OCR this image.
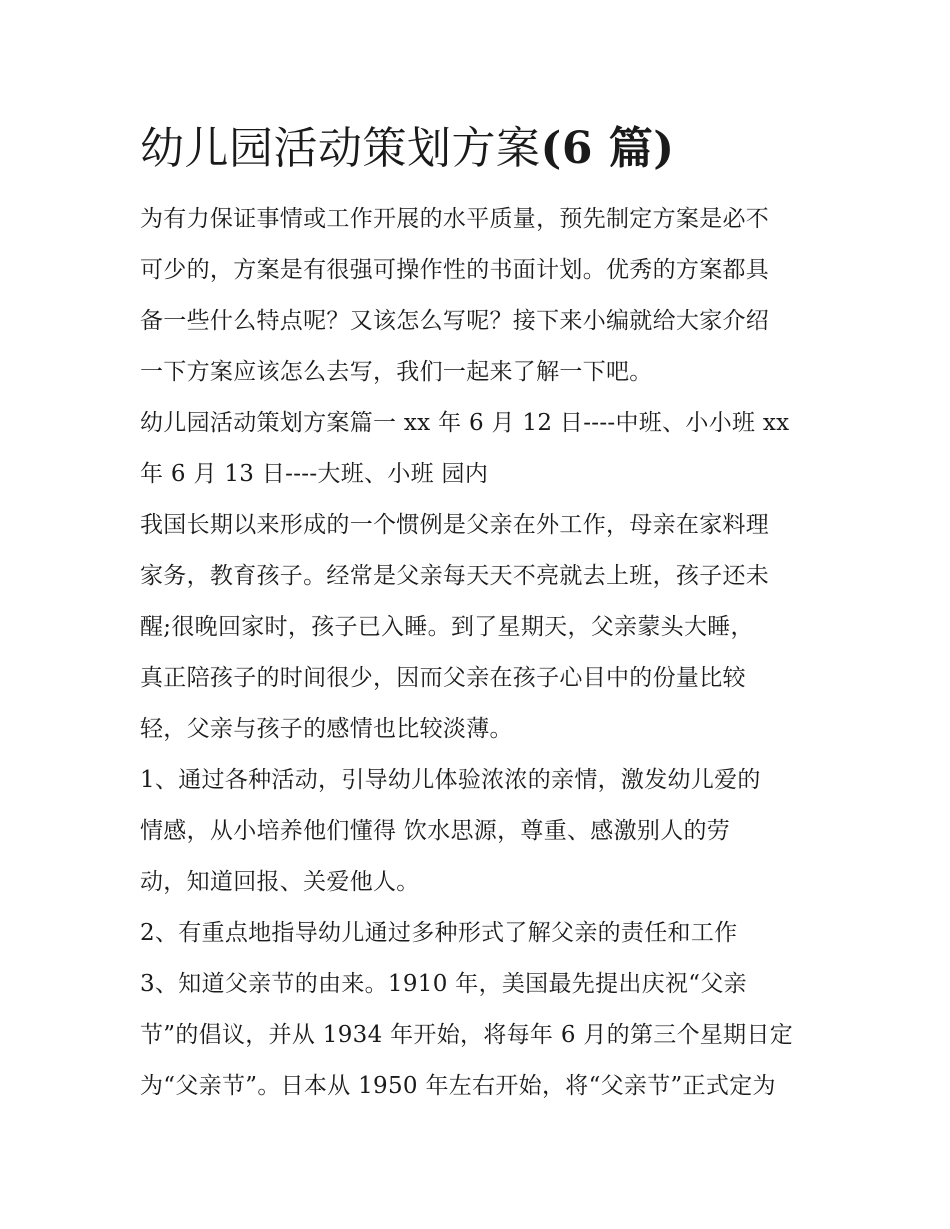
幼儿园活动策划方案(6 篇)

为有力保证事情或工作开展的水平质量，预先制定方案是必不
可少的，方案是有很强可操作性的书面计划。优秀的方案都具
备一些什么特点呢？又该怎么写呢？接下来小编就给大家介绍
一下方案应该怎么去写，我们一起来了解一下吧。

幼儿园活动策划方案篇一 xx 年 6 月 12 日----中班、小小班 xx
年 6 月 13 日----大班、小班 园内

我国长期以来形成的一个惯例是父亲在外工作，母亲在家料理
家务，教育孩子。经常是父亲每天天不亮就去上班，孩子还未
醒;很晚回家时，孩子已入睡。到了星期天，父亲蒙头大睡，
真正陪孩子的时间很少，因而父亲在孩子心目中的份量比较
轻，父亲与孩子的感情也比较淡薄。

1、通过各种活动，引导幼儿体验浓浓的亲情，激发幼儿爱的
情感，从小培养他们懂得 饮水思源，尊重、感激别人的劳
动，知道回报、关爱他人。

2、有重点地指导幼儿通过多种形式了解父亲的责任和工作

3、知道父亲节的由来。1910 年，美国最先提出庆祝“父亲
节”的倡议，并从 1934 年开始，将每年 6 月的第三个星期日定
为“父亲节”。日本从 1950 年左右开始，将“父亲节”正式定为
